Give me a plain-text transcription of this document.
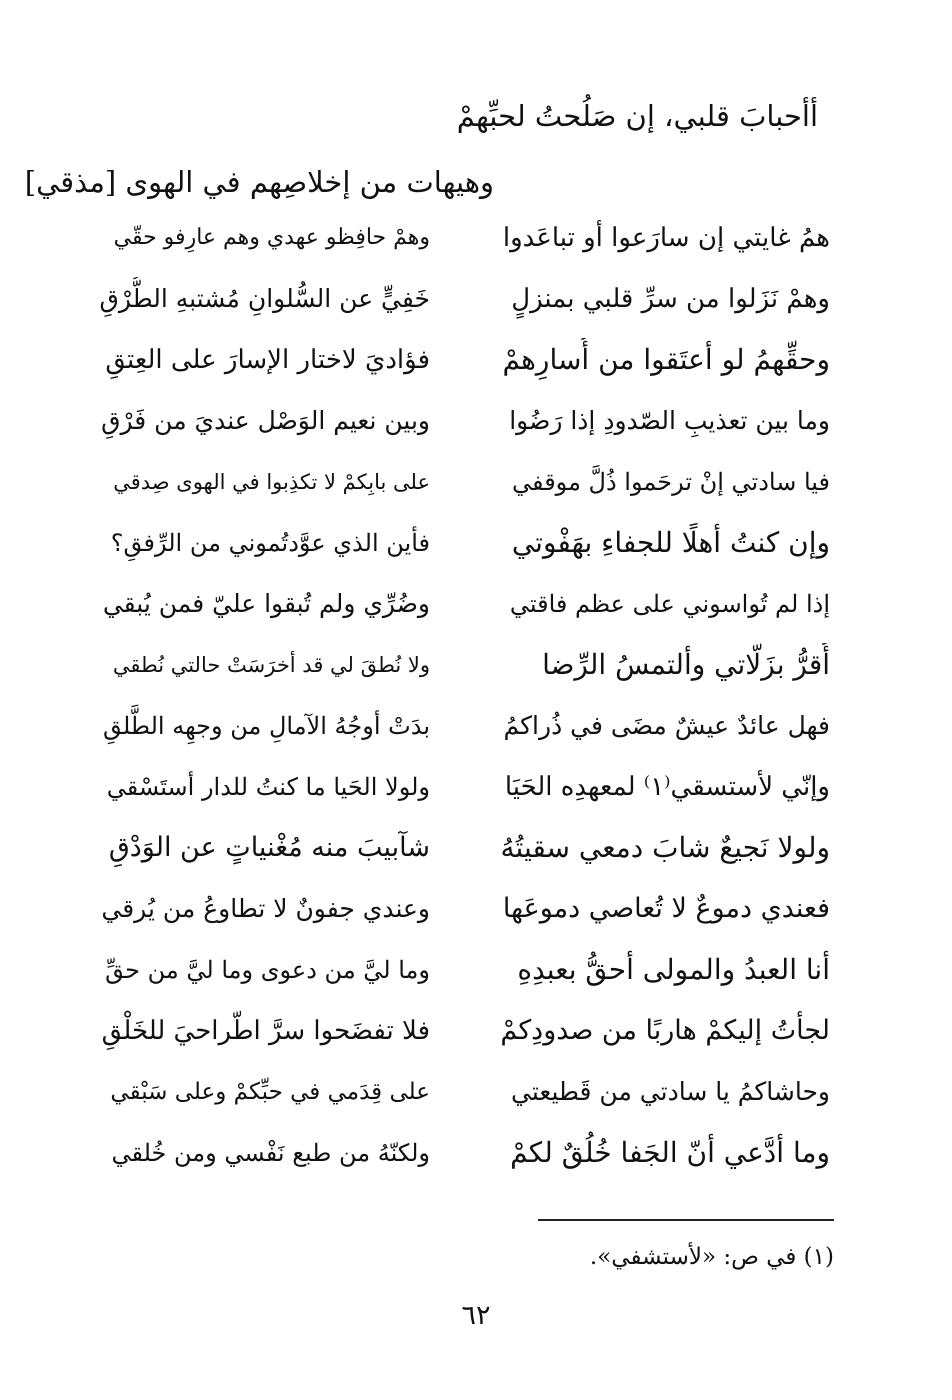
أأحبابَ قلبي، إن صَلُحتُ لحبِّهمْ
وهيهات من إخلاصِهم في الهوى [مذقي]
همُ غايتي إن سارَعوا أو تباعَدوا
وهمْ حافِظو عهدي وهم عارِفو حقّي
وهمْ نَزَلوا من سرِّ قلبي بمنزلٍ
خَفِيٍّ عن السُّلوانِ مُشتبهِ الطُّرْقِ
وحقِّهمُ لو أعتَقوا من أُسارِهمْ
فؤاديَ لاختار الإسارَ على العِتقِ
وما بين تعذيبِ الصّدودِ إذا رَضُوا
وبين نعيم الوَصْل عنديَ من فَرْقِ
فيا سادتي إنْ ترحَموا ذُلَّ موقفي
على بابِكمْ لا تكذِبوا في الهوى صِدقي
وإن كنتُ أهلًا للجفاءِ بهَفْوتي
فأين الذي عوَّدتُموني من الرِّفقِ؟
إذا لم تُواسوني على عظم فاقتي
وضُرِّي ولم تُبقوا عليّ فمن يُبقي
أُقرُّ بزَلّاتي وألتمسُ الرِّضا
ولا نُطقَ لي قد أخرَسَتْ حالتي نُطقي
فهل عائدٌ عيشٌ مضَى في ذُراكمُ
بدَتْ أوجُهُ الآمالِ من وجهِه الطَّلقِ
وإنّي لأستسقي⁽١⁾ لمعهدِه الحَيَا
ولولا الحَيا ما كنتُ للدار أستَسْقي
ولولا نَجيعٌ شابَ دمعي سقيتُهُ
شآبيبَ منه مُغْنياتٍ عن الوَدْقِ
فعندي دموعٌ لا تُعاصي دموعَها
وعندي جفونٌ لا تطاوعُ من يُرقي
أنا العبدُ والمولى أحقُّ بعبدِهِ
وما ليَّ من دعوى وما ليَّ من حقِّ
لجأتُ إليكمْ هاربًا من صدودِكمْ
فلا تفضَحوا سرَّ اطّراحيَ للخَلْقِ
وحاشاكمُ يا سادتي من قَطيعتي
على قِدَمي في حبِّكمْ وعلى سَبْقي
وما أدَّعي أنّ الجَفا خُلُقٌ لكمْ
ولكنّهُ من طبع نَفْسي ومن خُلقي
(١) في ص: «لأستشفي».
٦٢
